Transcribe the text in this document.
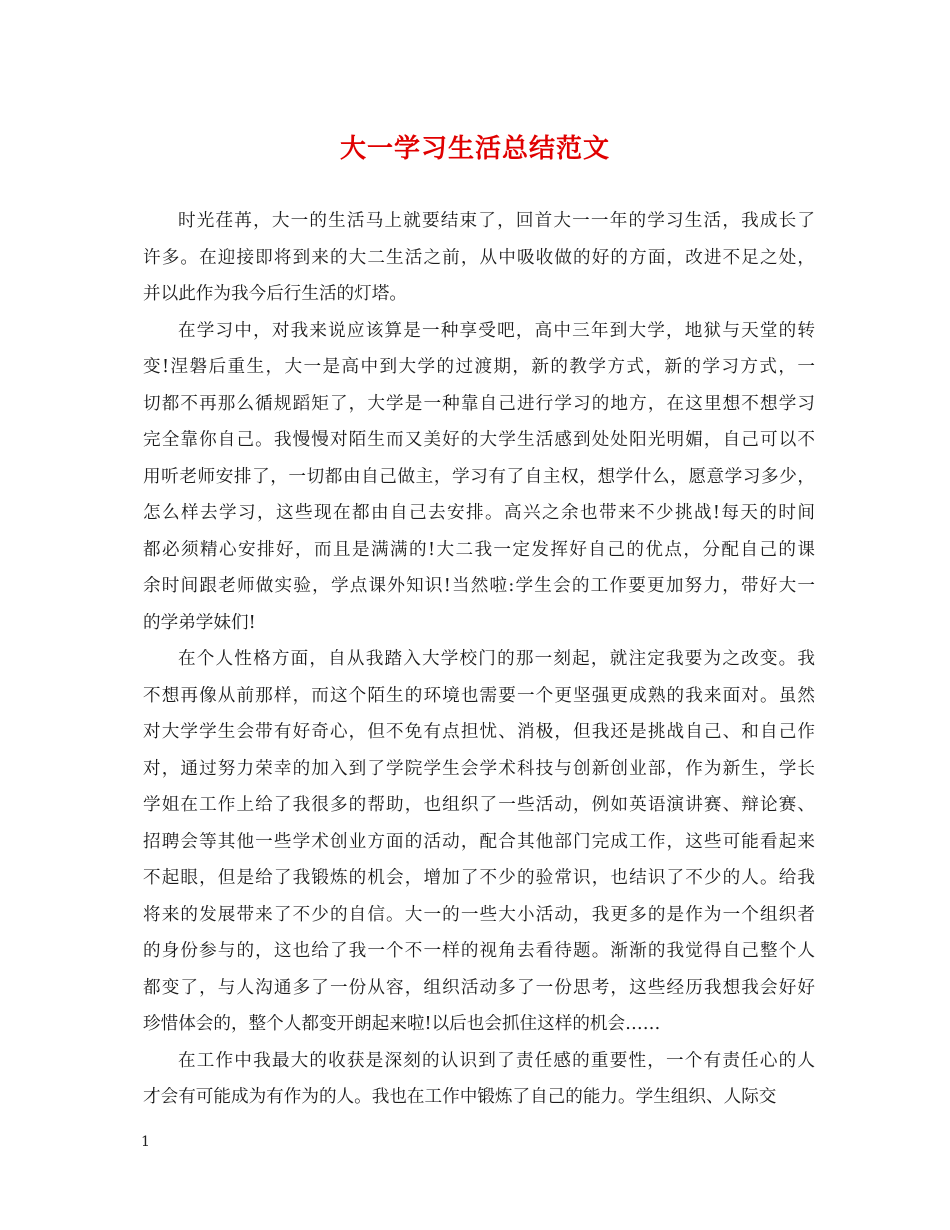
大一学习生活总结范文
时光荏苒，大一的生活马上就要结束了，回首大一一年的学习生活，我成长了
许多。在迎接即将到来的大二生活之前，从中吸收做的好的方面，改进不足之处，
并以此作为我今后行生活的灯塔。
在学习中，对我来说应该算是一种享受吧，高中三年到大学，地狱与天堂的转
变!涅磐后重生，大一是高中到大学的过渡期，新的教学方式，新的学习方式，一
切都不再那么循规蹈矩了，大学是一种靠自己进行学习的地方，在这里想不想学习
完全靠你自己。我慢慢对陌生而又美好的大学生活感到处处阳光明媚，自己可以不
用听老师安排了，一切都由自己做主，学习有了自主权，想学什么，愿意学习多少，
怎么样去学习，这些现在都由自己去安排。高兴之余也带来不少挑战!每天的时间
都必须精心安排好，而且是满满的!大二我一定发挥好自己的优点，分配自己的课
余时间跟老师做实验，学点课外知识!当然啦:学生会的工作要更加努力，带好大一
的学弟学妹们!
在个人性格方面，自从我踏入大学校门的那一刻起，就注定我要为之改变。我
不想再像从前那样，而这个陌生的环境也需要一个更坚强更成熟的我来面对。虽然
对大学学生会带有好奇心，但不免有点担忧、消极，但我还是挑战自己、和自己作
对，通过努力荣幸的加入到了学院学生会学术科技与创新创业部，作为新生，学长
学姐在工作上给了我很多的帮助，也组织了一些活动，例如英语演讲赛、辩论赛、
招聘会等其他一些学术创业方面的活动，配合其他部门完成工作，这些可能看起来
不起眼，但是给了我锻炼的机会，增加了不少的验常识，也结识了不少的人。给我
将来的发展带来了不少的自信。大一的一些大小活动，我更多的是作为一个组织者
的身份参与的，这也给了我一个不一样的视角去看待题。渐渐的我觉得自己整个人
都变了，与人沟通多了一份从容，组织活动多了一份思考，这些经历我想我会好好
珍惜体会的，整个人都变开朗起来啦!以后也会抓住这样的机会……
在工作中我最大的收获是深刻的认识到了责任感的重要性，一个有责任心的人
才会有可能成为有作为的人。我也在工作中锻炼了自己的能力。学生组织、人际交
1
